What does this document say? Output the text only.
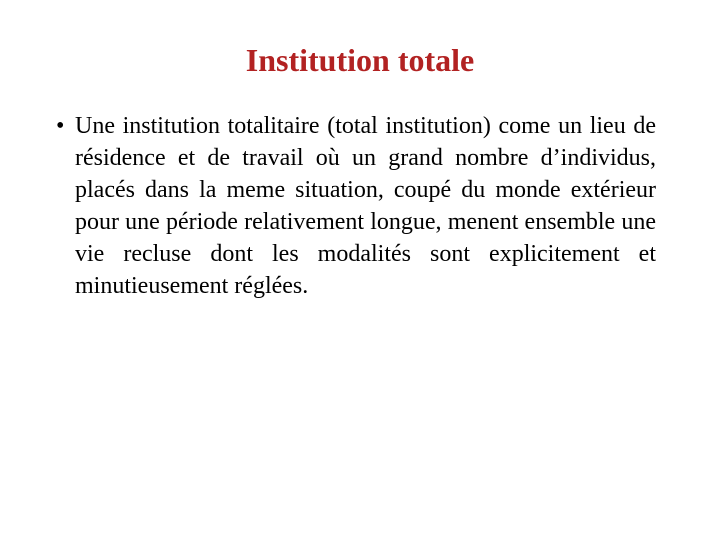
Institution totale
• Une institution totalitaire (total institution) come un lieu de résidence et de travail où un grand nombre d’individus, placés dans la meme situation, coupé du monde extérieur pour une période relativement longue, menent ensemble une vie recluse dont les modalités sont explicitement et minutieusement réglées.
